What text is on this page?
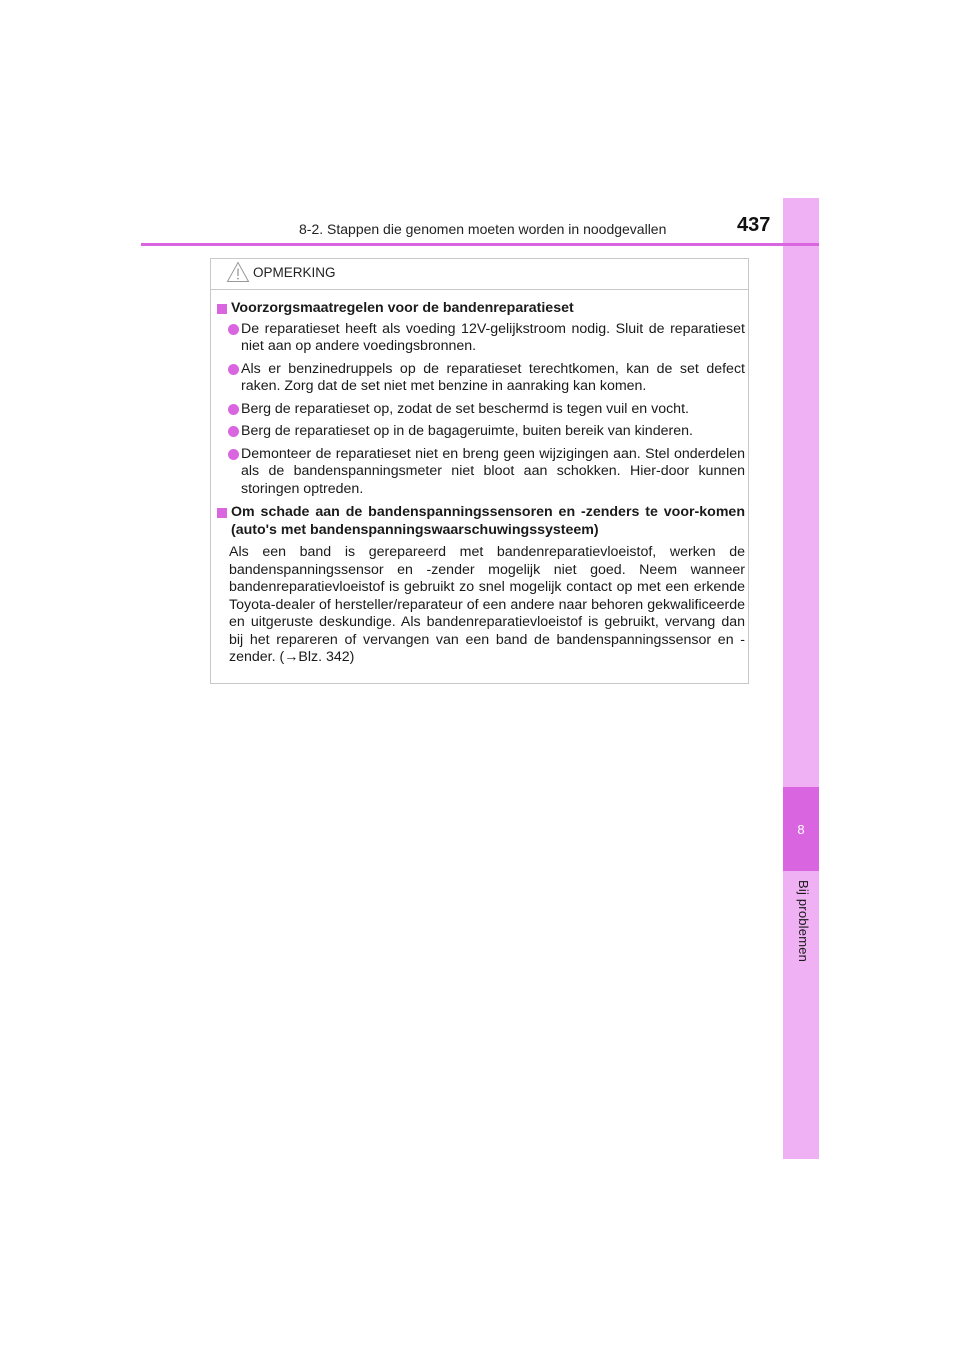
8
Bij problemen
8-2. Stappen die genomen moeten worden in noodgevallen	437
OPMERKING
Voorzorgsmaatregelen voor de bandenreparatieset
De reparatieset heeft als voeding 12V-gelijkstroom nodig. Sluit de reparatieset niet aan op andere voedingsbronnen.
Als er benzinedruppels op de reparatieset terechtkomen, kan de set defect raken. Zorg dat de set niet met benzine in aanraking kan komen.
Berg de reparatieset op, zodat de set beschermd is tegen vuil en vocht.
Berg de reparatieset op in de bagageruimte, buiten bereik van kinderen.
Demonteer de reparatieset niet en breng geen wijzigingen aan. Stel onderdelen als de bandenspanningsmeter niet bloot aan schokken. Hier-door kunnen storingen optreden.
Om schade aan de bandenspanningssensoren en -zenders te voor-komen (auto's met bandenspanningswaarschuwingssysteem)
Als een band is gerepareerd met bandenreparatievloeistof, werken de bandenspanningssensor en -zender mogelijk niet goed. Neem wanneer bandenreparatievloeistof is gebruikt zo snel mogelijk contact op met een erkende Toyota-dealer of hersteller/reparateur of een andere naar behoren gekwalificeerde en uitgeruste deskundige. Als bandenreparatievloeistof is gebruikt, vervang dan bij het repareren of vervangen van een band de bandenspanningssensor en -zender. (→Blz. 342)
